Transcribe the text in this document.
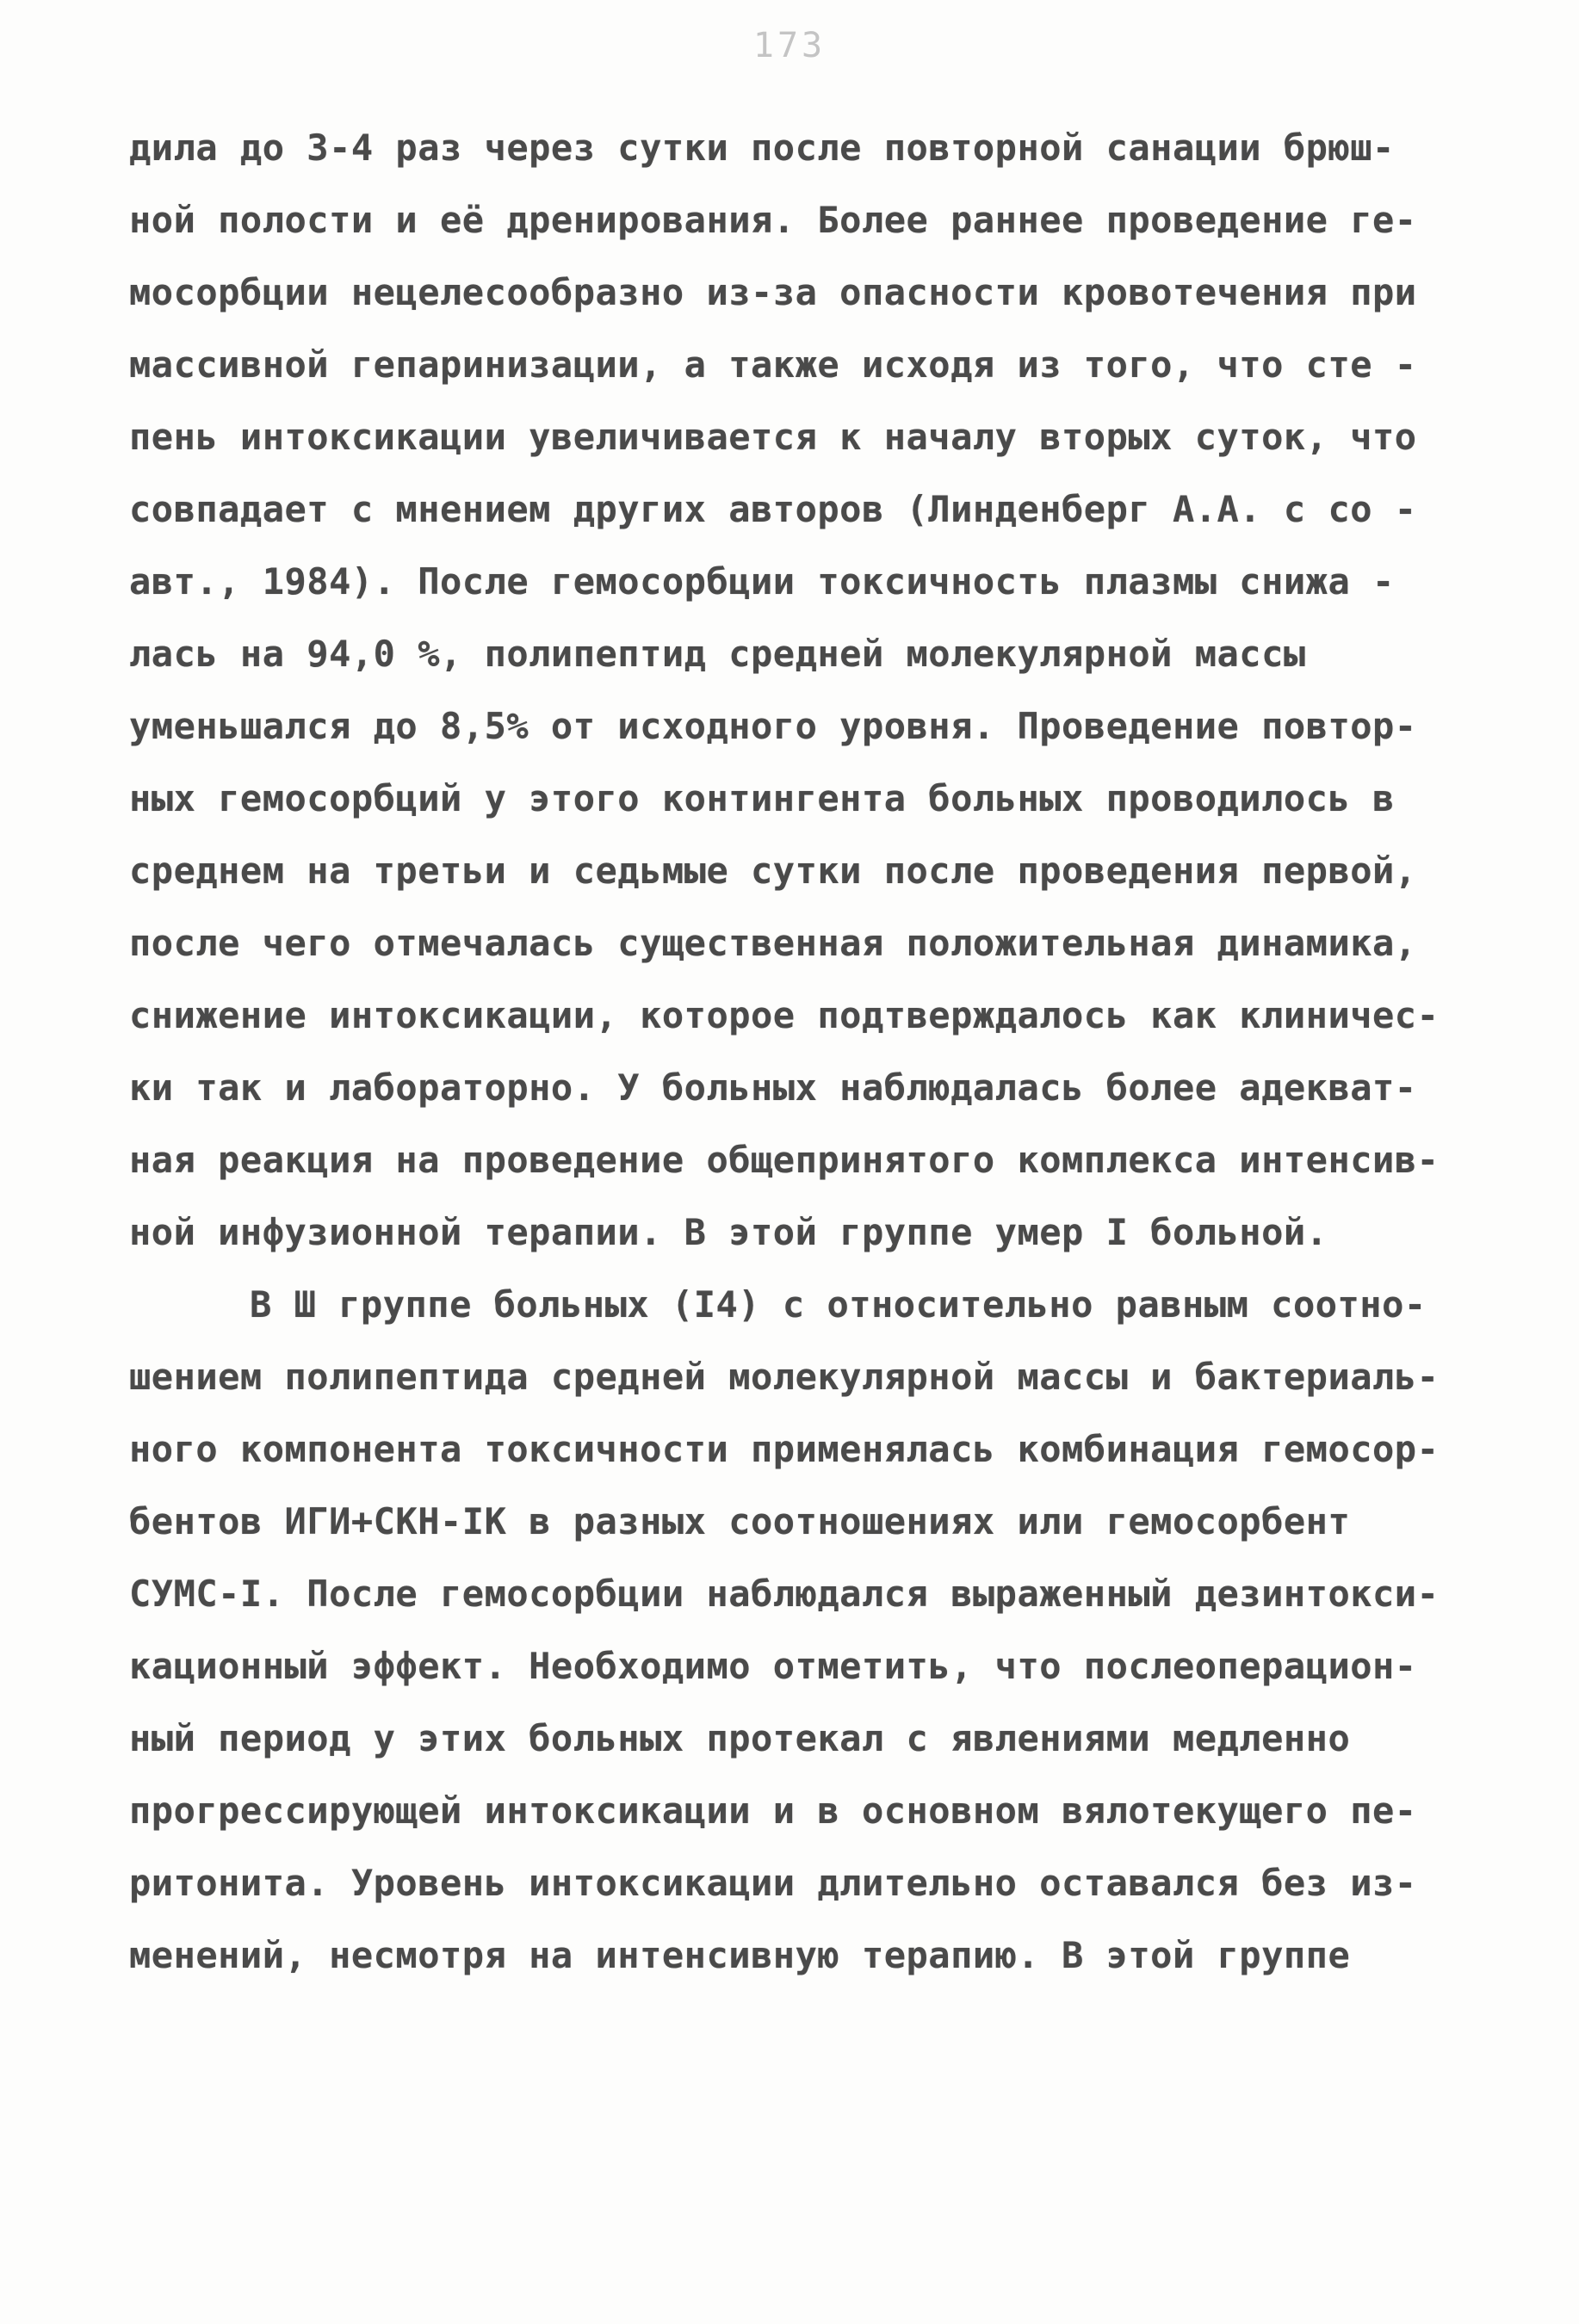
173
дила до 3-4 раз через сутки после повторной санации брюш-
ной полости и её дренирования. Более раннее проведение ге-
мосорбции нецелесообразно из-за опасности кровотечения при
массивной гепаринизации, а также исходя из того, что сте -
пень интоксикации увеличивается к началу вторых суток, что
совпадает с мнением других авторов (Линденберг А.А. с со -
авт., 1984). После гемосорбции токсичность плазмы снижа -
лась на 94,0 %, полипептид средней молекулярной массы
уменьшался до 8,5% от исходного уровня. Проведение повтор-
ных гемосорбций у этого контингента больных проводилось в
среднем на третьи и седьмые сутки после проведения первой,
после чего отмечалась существенная положительная динамика,
снижение интоксикации, которое подтверждалось как клиничес-
ки так и лабораторно. У больных наблюдалась более адекват-
ная реакция на проведение общепринятого комплекса интенсив-
ной инфузионной терапии. В этой группе умер I больной.
В Ш группе больных (I4) с относительно равным соотно-
шением полипептида средней молекулярной массы и бактериаль-
ного компонента токсичности применялась комбинация гемосор-
бентов ИГИ+СКН-IК в разных соотношениях или гемосорбент
СУМС-I. После гемосорбции наблюдался выраженный дезинтокси-
кационный эффект. Необходимо отметить, что послеоперацион-
ный период у этих больных протекал с явлениями медленно
прогрессирующей интоксикации и в основном вялотекущего пе-
ритонита. Уровень интоксикации длительно оставался без из-
менений, несмотря на интенсивную терапию. В этой группе
